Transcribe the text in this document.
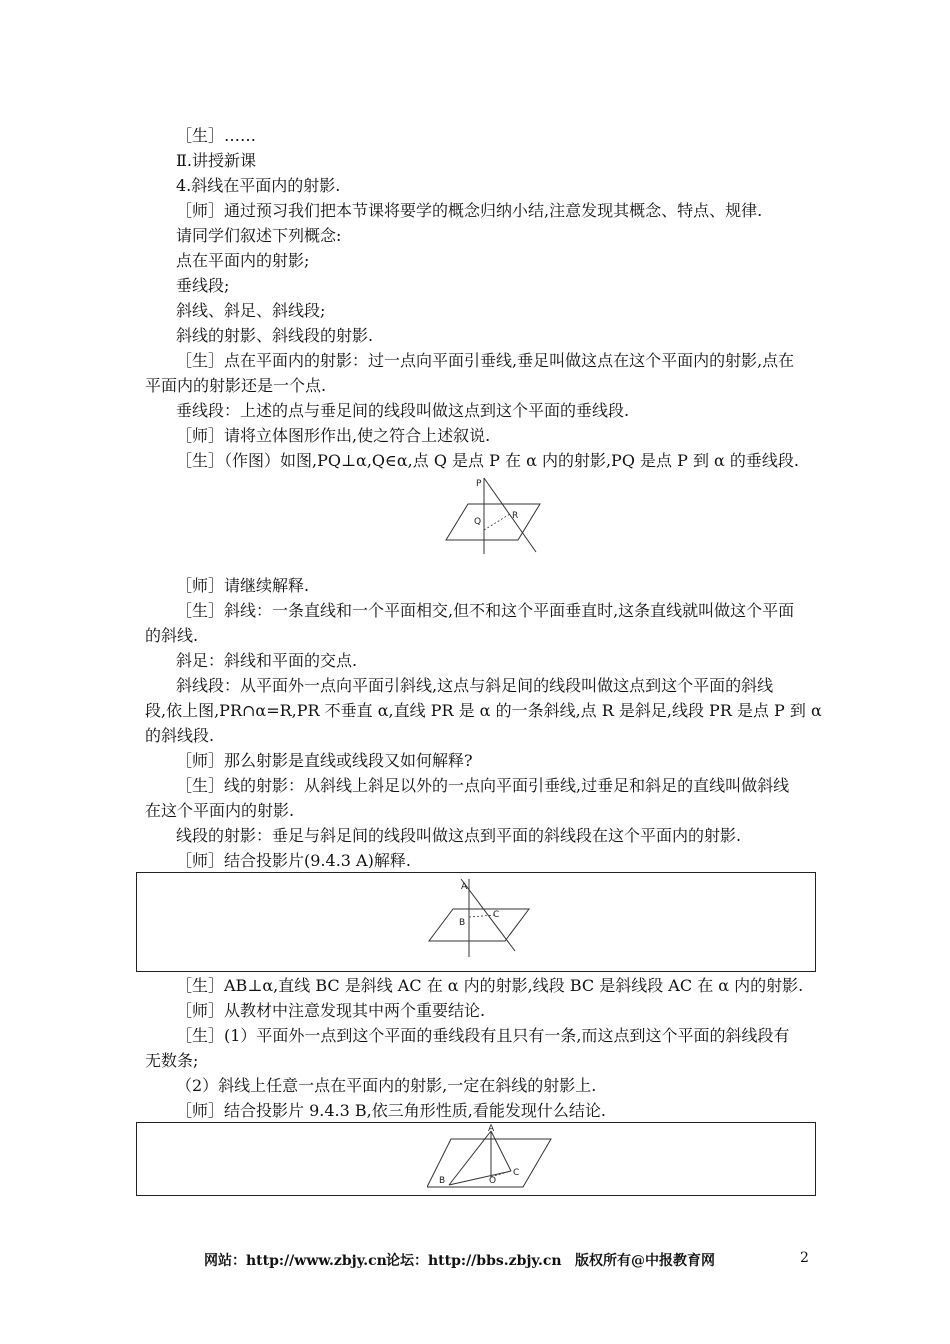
［生］……
Ⅱ.讲授新课
4.斜线在平面内的射影.
［师］通过预习我们把本节课将要学的概念归纳小结,注意发现其概念、特点、规律.
请同学们叙述下列概念:
点在平面内的射影;
垂线段;
斜线、斜足、斜线段;
斜线的射影、斜线段的射影.
［生］点在平面内的射影：过一点向平面引垂线,垂足叫做这点在这个平面内的射影,点在
平面内的射影还是一个点.
垂线段：上述的点与垂足间的线段叫做这点到这个平面的垂线段.
［师］请将立体图形作出,使之符合上述叙说.
［生］（作图）如图,PQ⊥α,Q∈α,点 Q 是点 P 在 α 内的射影,PQ 是点 P 到 α 的垂线段.
P
Q
R
［师］请继续解释.
［生］斜线：一条直线和一个平面相交,但不和这个平面垂直时,这条直线就叫做这个平面
的斜线.
斜足：斜线和平面的交点.
斜线段：从平面外一点向平面引斜线,这点与斜足间的线段叫做这点到这个平面的斜线
段,依上图,PR∩α=R,PR 不垂直 α,直线 PR 是 α 的一条斜线,点 R 是斜足,线段 PR 是点 P 到 α
的斜线段.
［师］那么射影是直线或线段又如何解释?
［生］线的射影：从斜线上斜足以外的一点向平面引垂线,过垂足和斜足的直线叫做斜线
在这个平面内的射影.
线段的射影：垂足与斜足间的线段叫做这点到平面的斜线段在这个平面内的射影.
［师］结合投影片(9.4.3 A)解释.
A
B
C
［生］AB⊥α,直线 BC 是斜线 AC 在 α 内的射影,线段 BC 是斜线段 AC 在 α 内的射影.
［师］从教材中注意发现其中两个重要结论.
［生］(1）平面外一点到这个平面的垂线段有且只有一条,而这点到这个平面的斜线段有
无数条;
（2）斜线上任意一点在平面内的射影,一定在斜线的射影上.
［师］结合投影片 9.4.3 B,依三角形性质,看能发现什么结论.
A
B
C
O
网站：http://www.zbjy.cn 论坛：http://bbs.zbjy.cn 版权所有@中报教育网	2
